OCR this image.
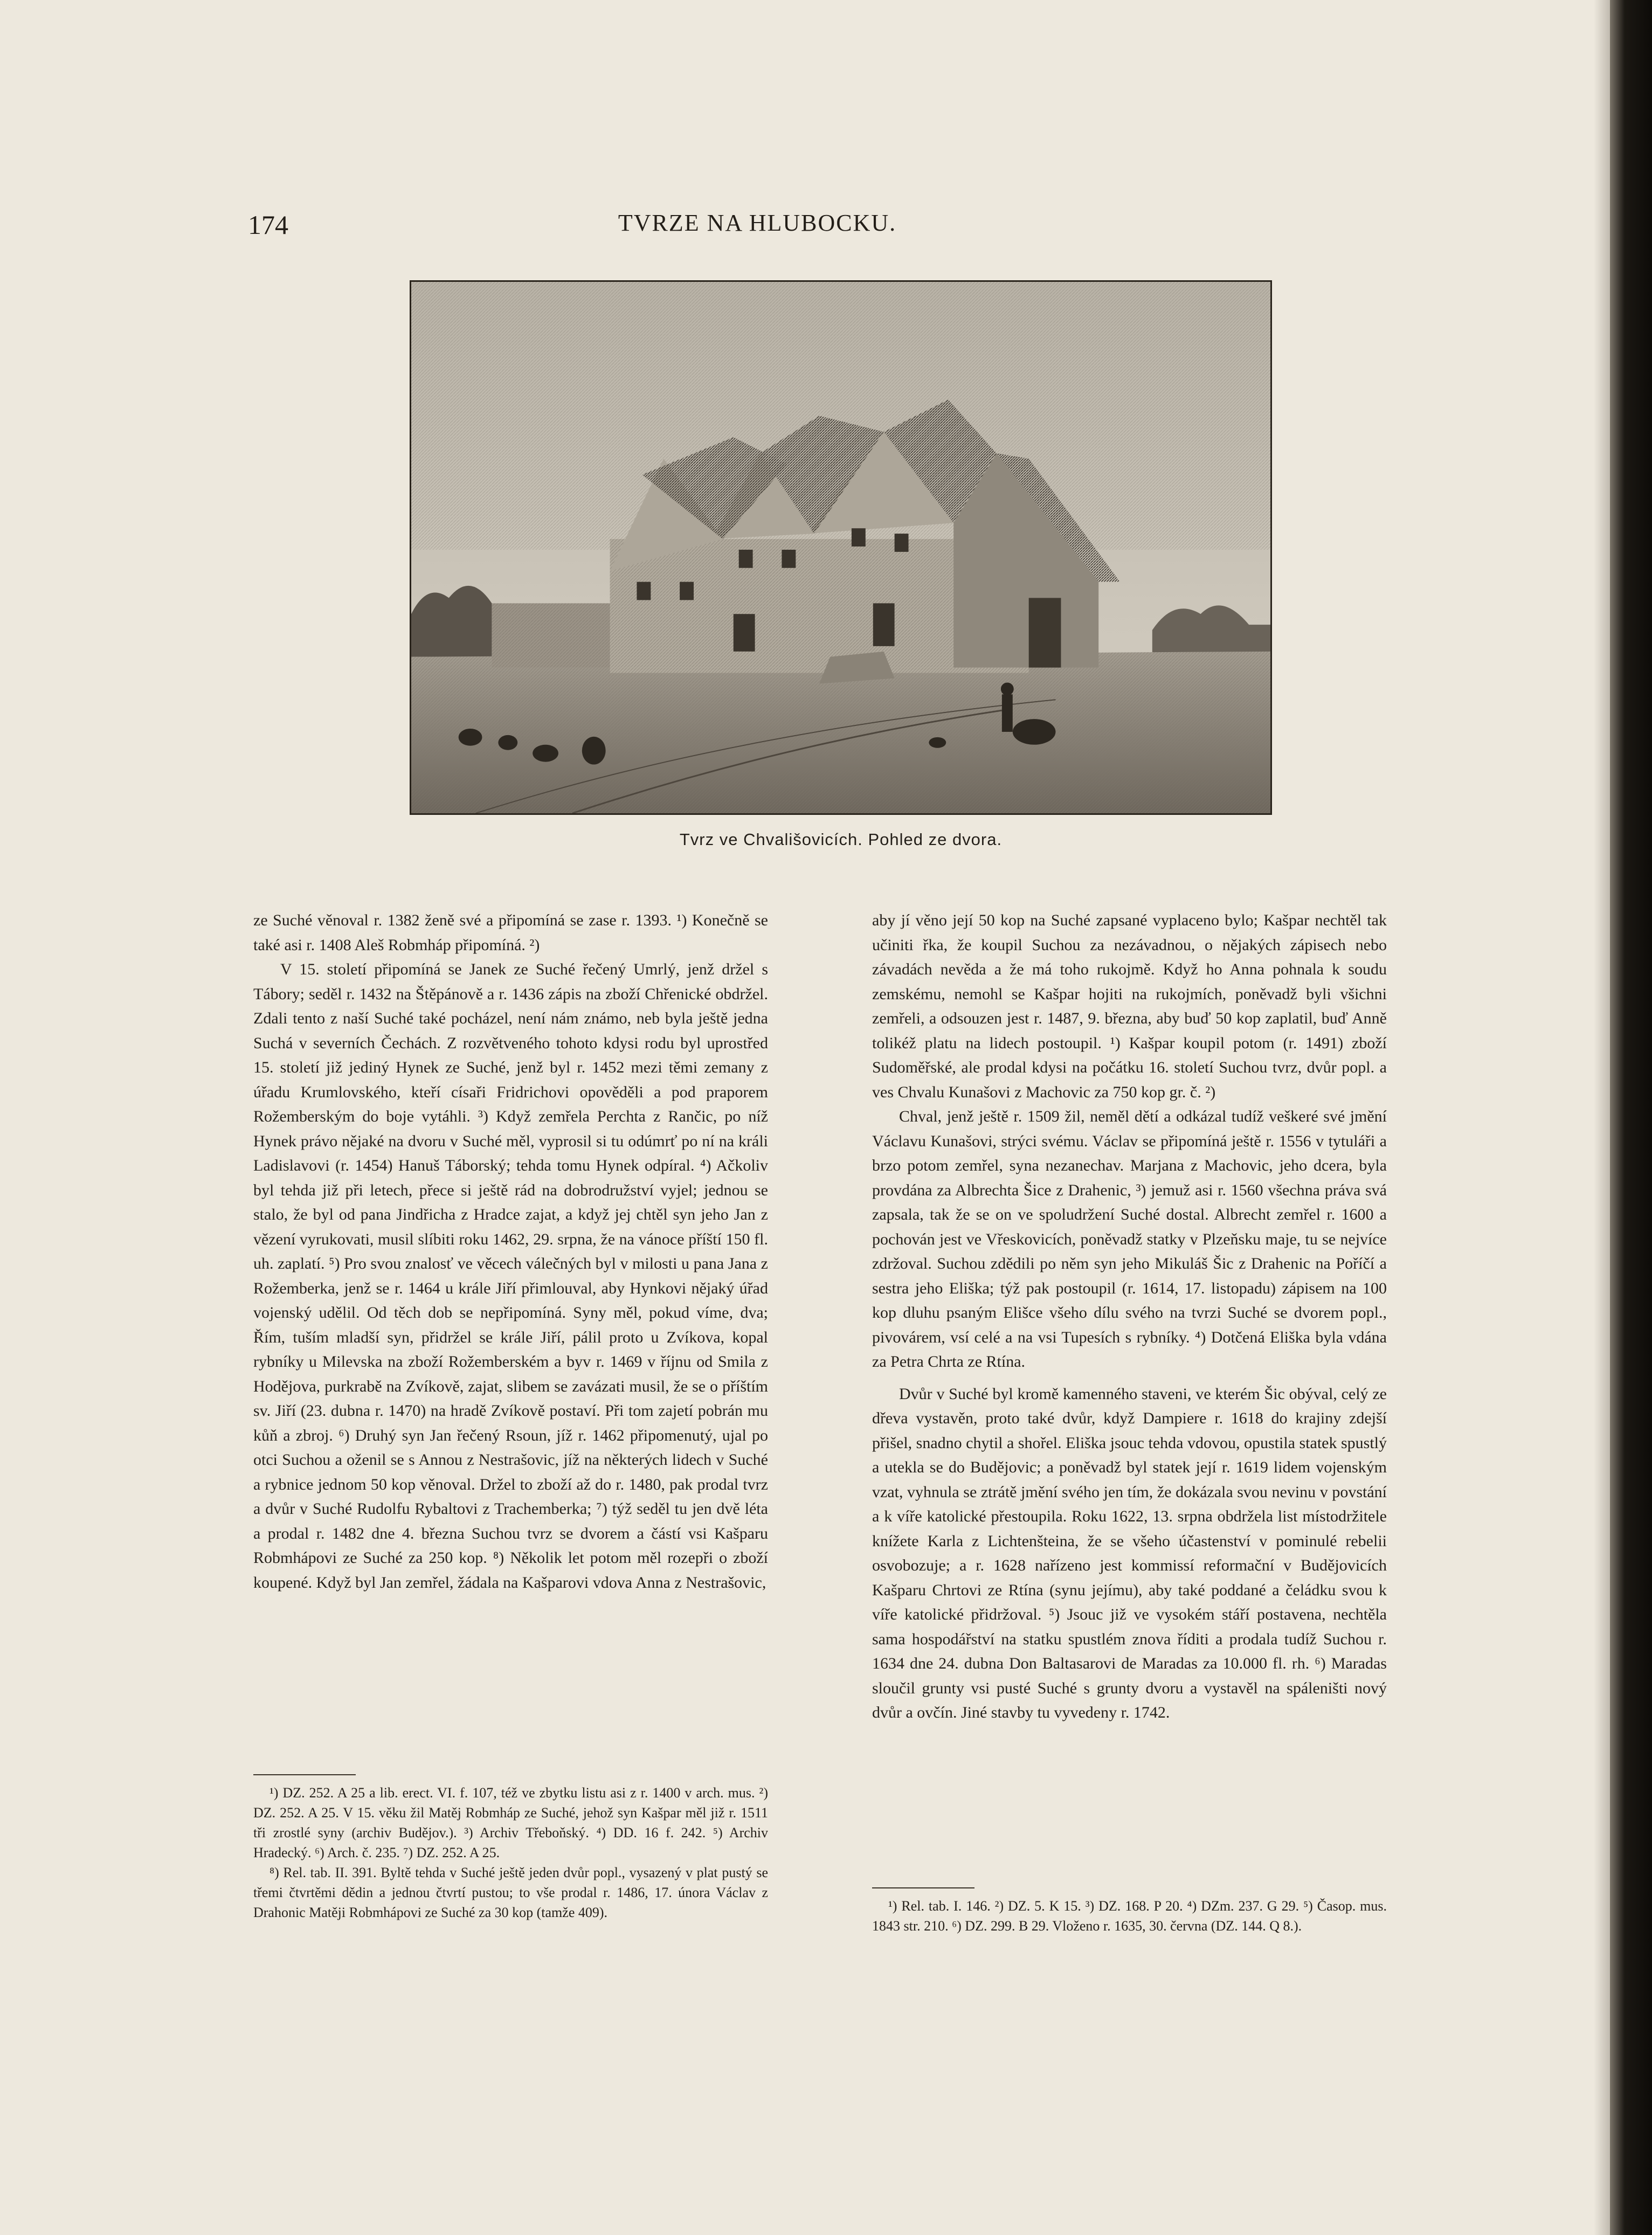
174	TVRZE NA HLUBOCKU.
Tvrz ve Chvališovicích. Pohled ze dvora.

ze Suché věnoval r. 1382 ženě své a připomíná se zase r. 1393. ¹) Konečně se také asi r. 1408 Aleš Robmháp připomíná. ²)

V 15. století připomíná se Janek ze Suché řečený Umrlý, jenž držel s Tábory; seděl r. 1432 na Štěpánově a r. 1436 zápis na zboží Chřenické obdržel. Zdali tento z naší Suché také pocházel, není nám známo, neb byla ještě jedna Suchá v severních Čechách. Z rozvětveného tohoto kdysi rodu byl uprostřed 15. století již jediný Hynek ze Suché, jenž byl r. 1452 mezi těmi zemany z úřadu Krumlovského, kteří císaři Fridrichovi opověděli a pod praporem Rožemberským do boje vytáhli. ³) Když zemřela Perchta z Rančic, po níž Hynek právo nějaké na dvoru v Suché měl, vyprosil si tu odúmrť po ní na králi Ladislavovi (r. 1454) Hanuš Táborský; tehda tomu Hynek odpíral. ⁴) Ačkoliv byl tehda již při letech, přece si ještě rád na dobrodružství vyjel; jednou se stalo, že byl od pana Jindřicha z Hradce zajat, a když jej chtěl syn jeho Jan z vězení vyrukovati, musil slíbiti roku 1462, 29. srpna, že na vánoce příští 150 fl. uh. zaplatí. ⁵) Pro svou znalosť ve věcech válečných byl v milosti u pana Jana z Rožemberka, jenž se r. 1464 u krále Jiří přimlouval, aby Hynkovi nějaký úřad vojenský udělil. Od těch dob se nepřipomíná. Syny měl, pokud víme, dva; Řím, tuším mladší syn, přidržel se krále Jiří, pálil proto u Zvíkova, kopal rybníky u Milevska na zboží Rožemberském a byv r. 1469 v říjnu od Smila z Hodějova, purkrabě na Zvíkově, zajat, slibem se zavázati musil, že se o příštím sv. Jiří (23. dubna r. 1470) na hradě Zvíkově postaví. Při tom zajetí pobrán mu kůň a zbroj. ⁶) Druhý syn Jan řečený Rsoun, jíž r. 1462 připomenutý, ujal po otci Suchou a oženil se s Annou z Nestrašovic, jíž na některých lidech v Suché a rybnice jednom 50 kop věnoval. Držel to zboží až do r. 1480, pak prodal tvrz a dvůr v Suché Rudolfu Rybaltovi z Trachemberka; ⁷) týž seděl tu jen dvě léta a prodal r. 1482 dne 4. března Suchou tvrz se dvorem a částí vsi Kašparu Robmhápovi ze Suché za 250 kop. ⁸) Několik let potom měl rozepři o zboží koupené. Když byl Jan zemřel, žádala na Kašparovi vdova Anna z Nestrašovic,

aby jí věno její 50 kop na Suché zapsané vyplaceno bylo; Kašpar nechtěl tak učiniti řka, že koupil Suchou za nezávadnou, o nějakých zápisech nebo závadách nevěda a že má toho rukojmě. Když ho Anna pohnala k soudu zemskému, nemohl se Kašpar hojiti na rukojmích, poněvadž byli všichni zemřeli, a odsouzen jest r. 1487, 9. března, aby buď 50 kop zaplatil, buď Anně tolikéž platu na lidech postoupil. ¹) Kašpar koupil potom (r. 1491) zboží Sudoměřské, ale prodal kdysi na počátku 16. století Suchou tvrz, dvůr popl. a ves Chvalu Kunašovi z Machovic za 750 kop gr. č. ²)

Chval, jenž ještě r. 1509 žil, neměl dětí a odkázal tudíž veškeré své jmění Václavu Kunašovi, strýci svému. Václav se připomíná ještě r. 1556 v tytuláři a brzo potom zemřel, syna nezanechav. Marjana z Machovic, jeho dcera, byla provdána za Albrechta Šice z Drahenic, ³) jemuž asi r. 1560 všechna práva svá zapsala, tak že se on ve spoludržení Suché dostal. Albrecht zemřel r. 1600 a pochován jest ve Vřeskovicích, poněvadž statky v Plzeňsku maje, tu se nejvíce zdržoval. Suchou zdědili po něm syn jeho Mikuláš Šic z Drahenic na Poříčí a sestra jeho Eliška; týž pak postoupil (r. 1614, 17. listopadu) zápisem na 100 kop dluhu psaným Elišce všeho dílu svého na tvrzi Suché se dvorem popl., pivovárem, vsí celé a na vsi Tupesích s rybníky. ⁴) Dotčená Eliška byla vdána za Petra Chrta ze Rtína.

Dvůr v Suché byl kromě kamenného staveni, ve kterém Šic obýval, celý ze dřeva vystavěn, proto také dvůr, když Dampiere r. 1618 do krajiny zdejší přišel, snadno chytil a shořel. Eliška jsouc tehda vdovou, opustila statek spustlý a utekla se do Budějovic; a poněvadž byl statek její r. 1619 lidem vojenským vzat, vyhnula se ztrátě jmění svého jen tím, že dokázala svou nevinu v povstání a k víře katolické přestoupila. Roku 1622, 13. srpna obdržela list místodržitele knížete Karla z Lichtenšteina, že se všeho účastenství v pominulé rebelii osvobozuje; a r. 1628 nařízeno jest kommissí reformační v Budějovicích Kašparu Chrtovi ze Rtína (synu jejímu), aby také poddané a čeládku svou k víře katolické přidržoval. ⁵) Jsouc již ve vysokém stáří postavena, nechtěla sama hospodářství na statku spustlém znova říditi a prodala tudíž Suchou r. 1634 dne 24. dubna Don Baltasarovi de Maradas za 10.000 fl. rh. ⁶) Maradas sloučil grunty vsi pusté Suché s grunty dvoru a vystavěl na spáleništi nový dvůr a ovčín. Jiné stavby tu vyvedeny r. 1742.

¹) DZ. 252. A 25 a lib. erect. VI. f. 107, též ve zbytku listu asi z r. 1400 v arch. mus. ²) DZ. 252. A 25. V 15. věku žil Matěj Robmháp ze Suché, jehož syn Kašpar měl již r. 1511 tři zrostlé syny (archiv Budějov.). ³) Archiv Třeboňský. ⁴) DD. 16 f. 242. ⁵) Archiv Hradecký. ⁶) Arch. č. 235. ⁷) DZ. 252. A 25.

⁸) Rel. tab. II. 391. Byltě tehda v Suché ještě jeden dvůr popl., vysazený v plat pustý se třemi čtvrtěmi dědin a jednou čtvrtí pustou; to vše prodal r. 1486, 17. února Václav z Drahonic Matěji Robmhápovi ze Suché za 30 kop (tamže 409).	¹) Rel. tab. I. 146. ²) DZ. 5. K 15. ³) DZ. 168. P 20. ⁴) DZm. 237. G 29. ⁵) Časop. mus. 1843 str. 210. ⁶) DZ. 299. B 29. Vloženo r. 1635, 30. června (DZ. 144. Q 8.).
